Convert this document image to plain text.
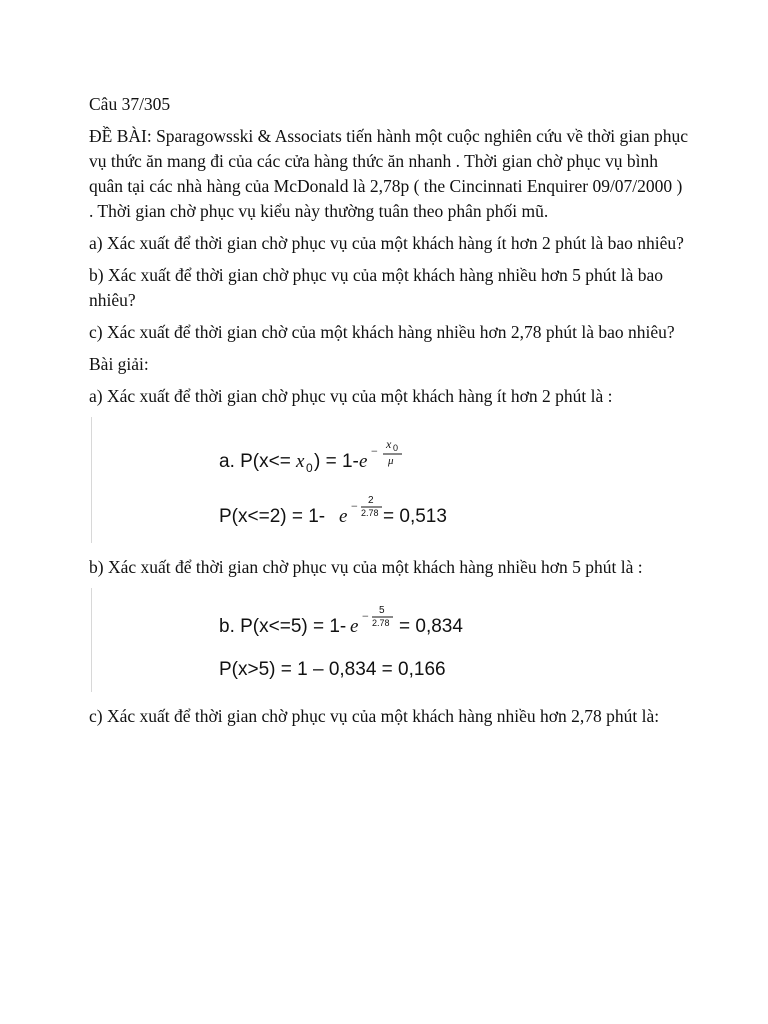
Câu 37/305

ĐỀ BÀI: Sparagowsski & Associats tiến hành một cuộc nghiên cứu về thời gian phục vụ thức ăn mang đi của các cửa hàng thức ăn nhanh . Thời gian chờ phục vụ bình quân tại các nhà hàng của McDonald là 2,78p ( the Cincinnati Enquirer 09/07/2000 ) . Thời gian chờ phục vụ kiểu này thường tuân theo phân phối mũ.

a) Xác xuất để thời gian chờ phục vụ của một khách hàng ít hơn 2 phút là bao nhiêu?

b) Xác xuất để thời gian chờ phục vụ của một khách hàng nhiều hơn 5 phút là bao nhiêu?

c) Xác xuất để thời gian chờ của một khách hàng nhiều hơn 2,78 phút là bao nhiêu?

Bài giải:

a) Xác xuất để thời gian chờ phục vụ của một khách hàng ít hơn 2 phút là :

a. P(x<= x 0 ) = 1- e − x 0
μ
P(x<=2) = 1- e − 2
2.78 = 0,513

b) Xác xuất để thời gian chờ phục vụ của một khách hàng nhiều hơn 5 phút là :

b. P(x<=5) = 1- e − 5
2.78 = 0,834
P(x>5) = 1 – 0,834 = 0,166

c) Xác xuất để thời gian chờ phục vụ của một khách hàng nhiều hơn 2,78 phút là:
